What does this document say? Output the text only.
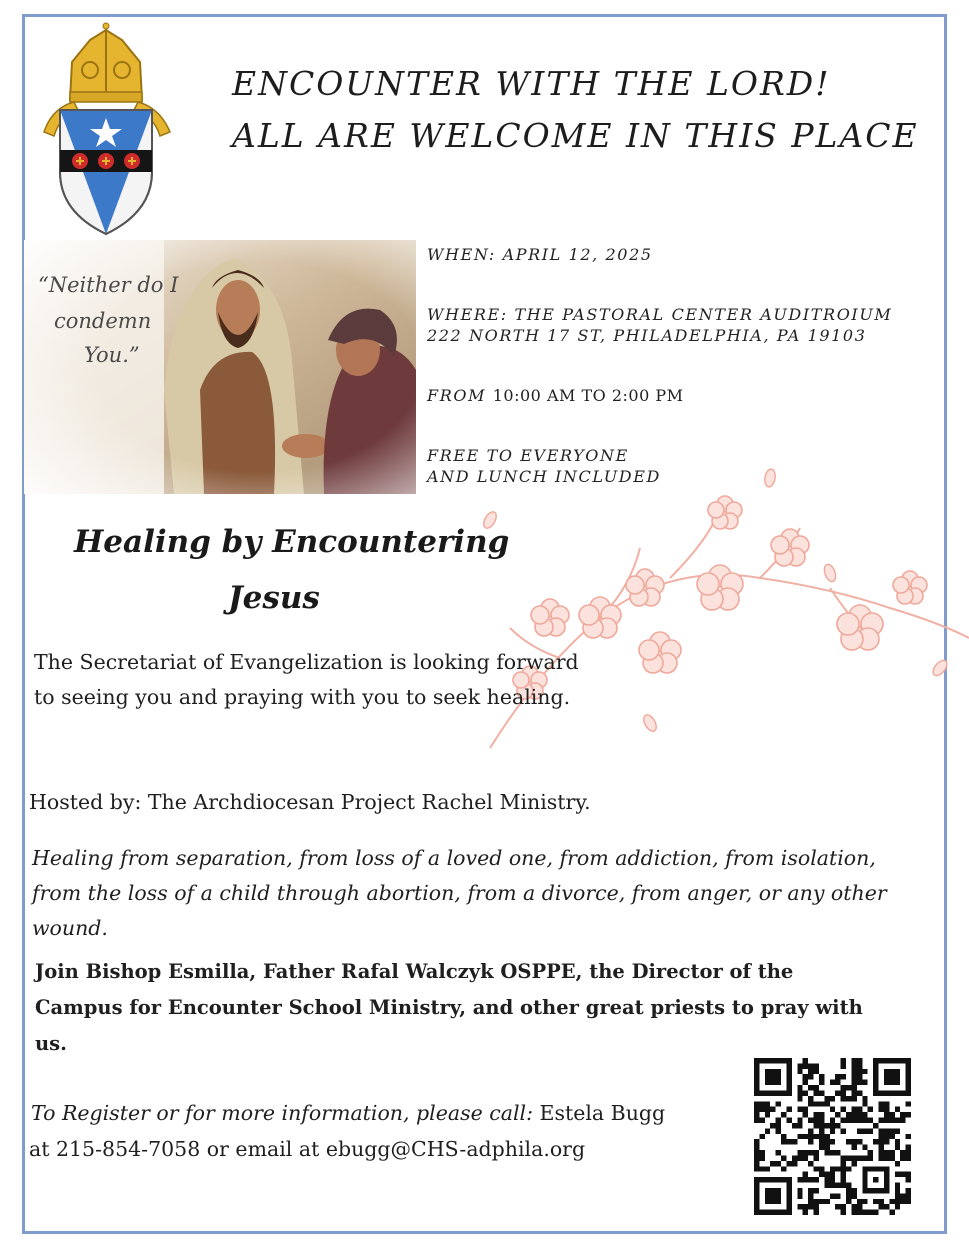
ENCOUNTER WITH THE LORD!
ALL ARE WELCOME IN THIS PLACE
“Neither do I
condemn
You.”
WHEN: APRIL 12, 2025
WHERE: THE PASTORAL CENTER AUDITROIUM
222 NORTH 17 ST, PHILADELPHIA, PA 19103
FROM 10:00 AM TO 2:00 PM
FREE TO EVERYONE
AND LUNCH INCLUDED
Healing by Encountering
Jesus
The Secretariat of Evangelization is looking forward
to seeing you and praying with you to seek healing.
Hosted by: The Archdiocesan Project Rachel Ministry.
Healing from separation, from loss of a loved one, from addiction, from isolation,
from the loss of a child through abortion, from a divorce, from anger, or any other
wound.
Join Bishop Esmilla, Father Rafal Walczyk OSPPE, the Director of the
Campus for Encounter School Ministry, and other great priests to pray with
us.
To Register or for more information, please call: Estela Bugg
at 215-854-7058 or email at ebugg@CHS-adphila.org
